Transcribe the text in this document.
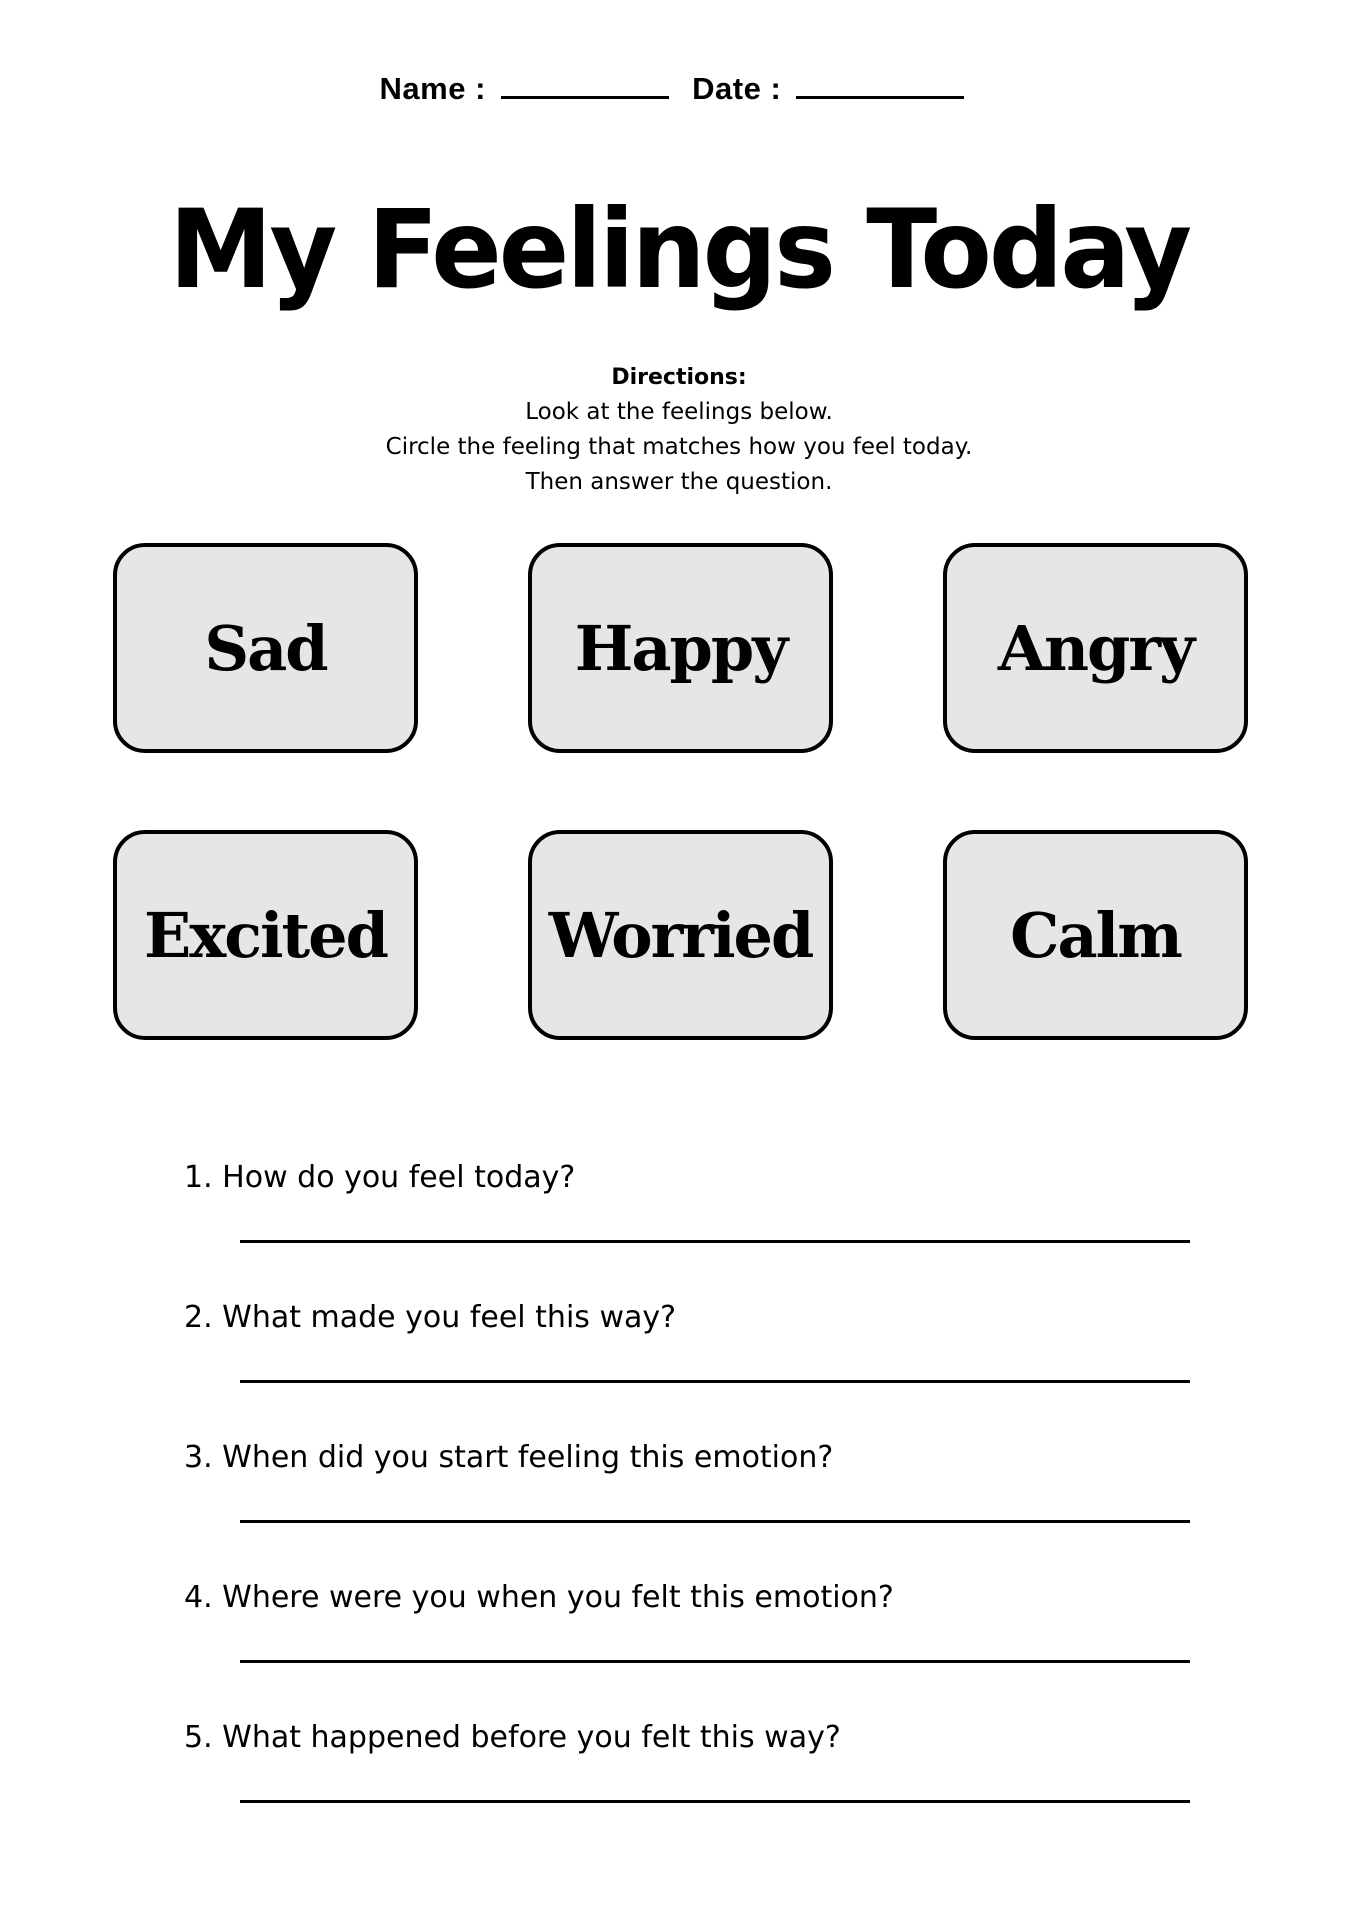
Name :	Date :
My Feelings Today
Directions:
Look at the feelings below.
Circle the feeling that matches how you feel today.
Then answer the question.
Sad	Happy	Angry
Excited	Worried	Calm
1. How do you feel today?
2. What made you feel this way?
3. When did you start feeling this emotion?
4. Where were you when you felt this emotion?
5. What happened before you felt this way?
